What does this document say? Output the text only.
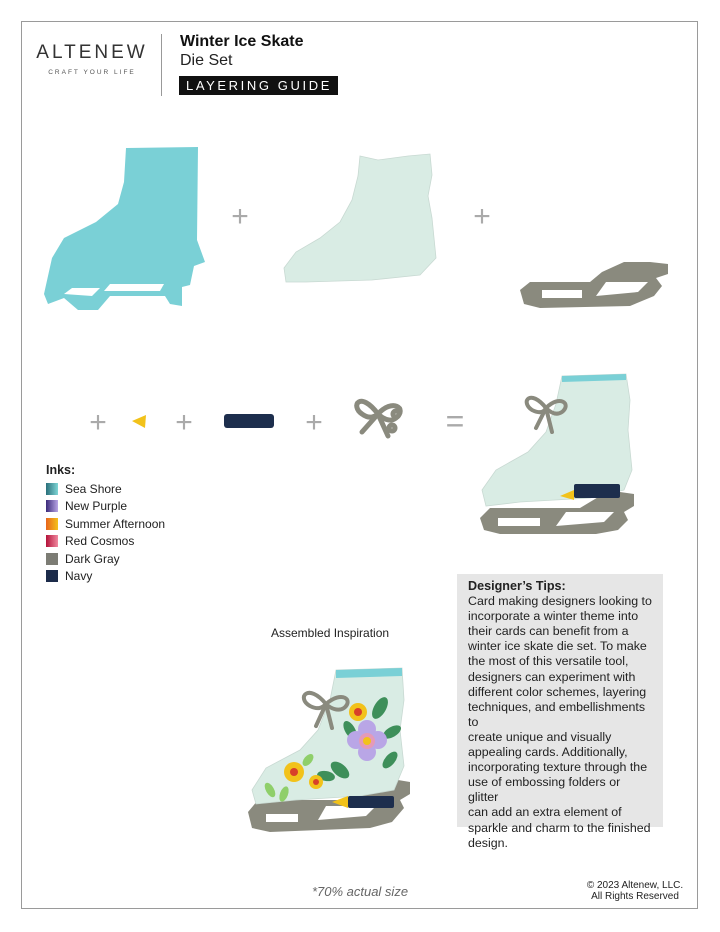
ALTENEW
CRAFT YOUR LIFE
Winter Ice Skate
Die Set
LAYERING GUIDE
+	+
+ +	+	=
Inks:
Sea Shore
New Purple
Summer Afternoon
Red Cosmos
Dark Gray
Navy
Assembled Inspiration
Designer’s Tips:
Card making designers looking to
incorporate a winter theme into
their cards can benefit from a
winter ice skate die set. To make
the most of this versatile tool,
designers can experiment with
different color schemes, layering
techniques, and embellishments to
create unique and visually
appealing cards. Additionally,
incorporating texture through the
use of embossing folders or glitter
can add an extra element of
sparkle and charm to the finished
design.
*70% actual size	© 2023 Altenew, LLC.
All Rights Reserved
